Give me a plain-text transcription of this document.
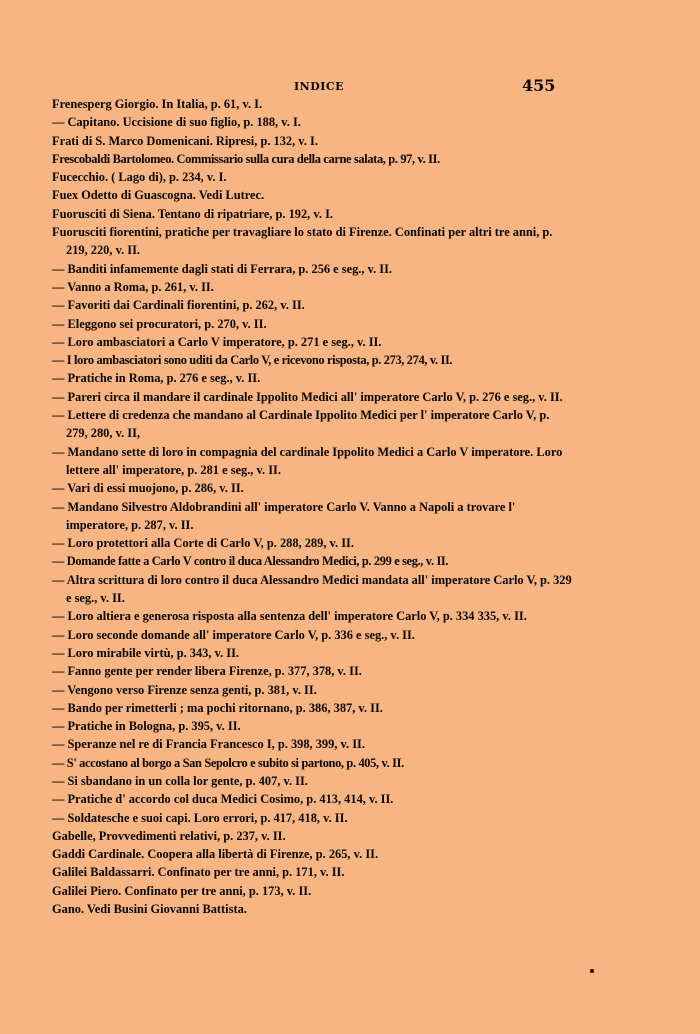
INDICE	455
Frenesperg Giorgio. In Italia, p. 61, v. I.
— Capitano. Uccisione di suo figlio, p. 188, v. I.
Frati di S. Marco Domenicani. Ripresi, p. 132, v. I.
Frescobaldi Bartolomeo. Commissario sulla cura della carne salata, p. 97, v. II.
Fucecchio. ( Lago di), p. 234, v. I.
Fuex Odetto di Guascogna. Vedi Lutrec.
Fuorusciti di Siena. Tentano di ripatriare, p. 192, v. I.
Fuorusciti fiorentini, pratiche per travagliare lo stato di Firenze. Confinati per altri tre anni, p. 219, 220, v. II.
— Banditi infamemente dagli stati di Ferrara, p. 256 e seg., v. II.
— Vanno a Roma, p. 261, v. II.
— Favoriti dai Cardinali fiorentini, p. 262, v. II.
— Eleggono sei procuratori, p. 270, v. II.
— Loro ambasciatori a Carlo V imperatore, p. 271 e seg., v. II.
— I loro ambasciatori sono uditi da Carlo V, e ricevono risposta, p. 273, 274, v. II.
— Pratiche in Roma, p. 276 e seg., v. II.
— Pareri circa il mandare il cardinale Ippolito Medici all' imperatore Carlo V, p. 276 e seg., v. II.
— Lettere di credenza che mandano al Cardinale Ippolito Medici per l' imperatore Carlo V, p. 279, 280, v. II,
— Mandano sette di loro in compagnia del cardinale Ippolito Medici a Carlo V imperatore. Loro lettere all' imperatore, p. 281 e seg., v. II.
— Vari di essi muojono, p. 286, v. II.
— Mandano Silvestro Aldobrandini all' imperatore Carlo V. Vanno a Napoli a trovare l' imperatore, p. 287, v. II.
— Loro protettori alla Corte di Carlo V, p. 288, 289, v. II.
— Domande fatte a Carlo V contro il duca Alessandro Medici, p. 299 e seg., v. II.
— Altra scrittura di loro contro il duca Alessandro Medici mandata all' imperatore Carlo V, p. 329 e seg., v. II.
— Loro altiera e generosa risposta alla sentenza dell' imperatore Carlo V, p. 334 335, v. II.
— Loro seconde domande all' imperatore Carlo V, p. 336 e seg., v. II.
— Loro mirabile virtù, p. 343, v. II.
— Fanno gente per render libera Firenze, p. 377, 378, v. II.
— Vengono verso Firenze senza genti, p. 381, v. II.
— Bando per rimetterli ; ma pochi ritornano, p. 386, 387, v. II.
— Pratiche in Bologna, p. 395, v. II.
— Speranze nel re di Francia Francesco I, p. 398, 399, v. II.
— S' accostano al borgo a San Sepolcro e subito si partono, p. 405, v. II.
— Si sbandano in un colla lor gente, p. 407, v. II.
— Pratiche d' accordo col duca Medici Cosimo, p. 413, 414, v. II.
— Soldatesche e suoi capi. Loro errori, p. 417, 418, v. II.
Gabelle, Provvedimenti relativi, p. 237, v. II.
Gaddi Cardinale. Coopera alla libertà di Firenze, p. 265, v. II.
Galilei Baldassarri. Confinato per tre anni, p. 171, v. II.
Galilei Piero. Confinato per tre anni, p. 173, v. II.
Gano. Vedi Busini Giovanni Battista.
